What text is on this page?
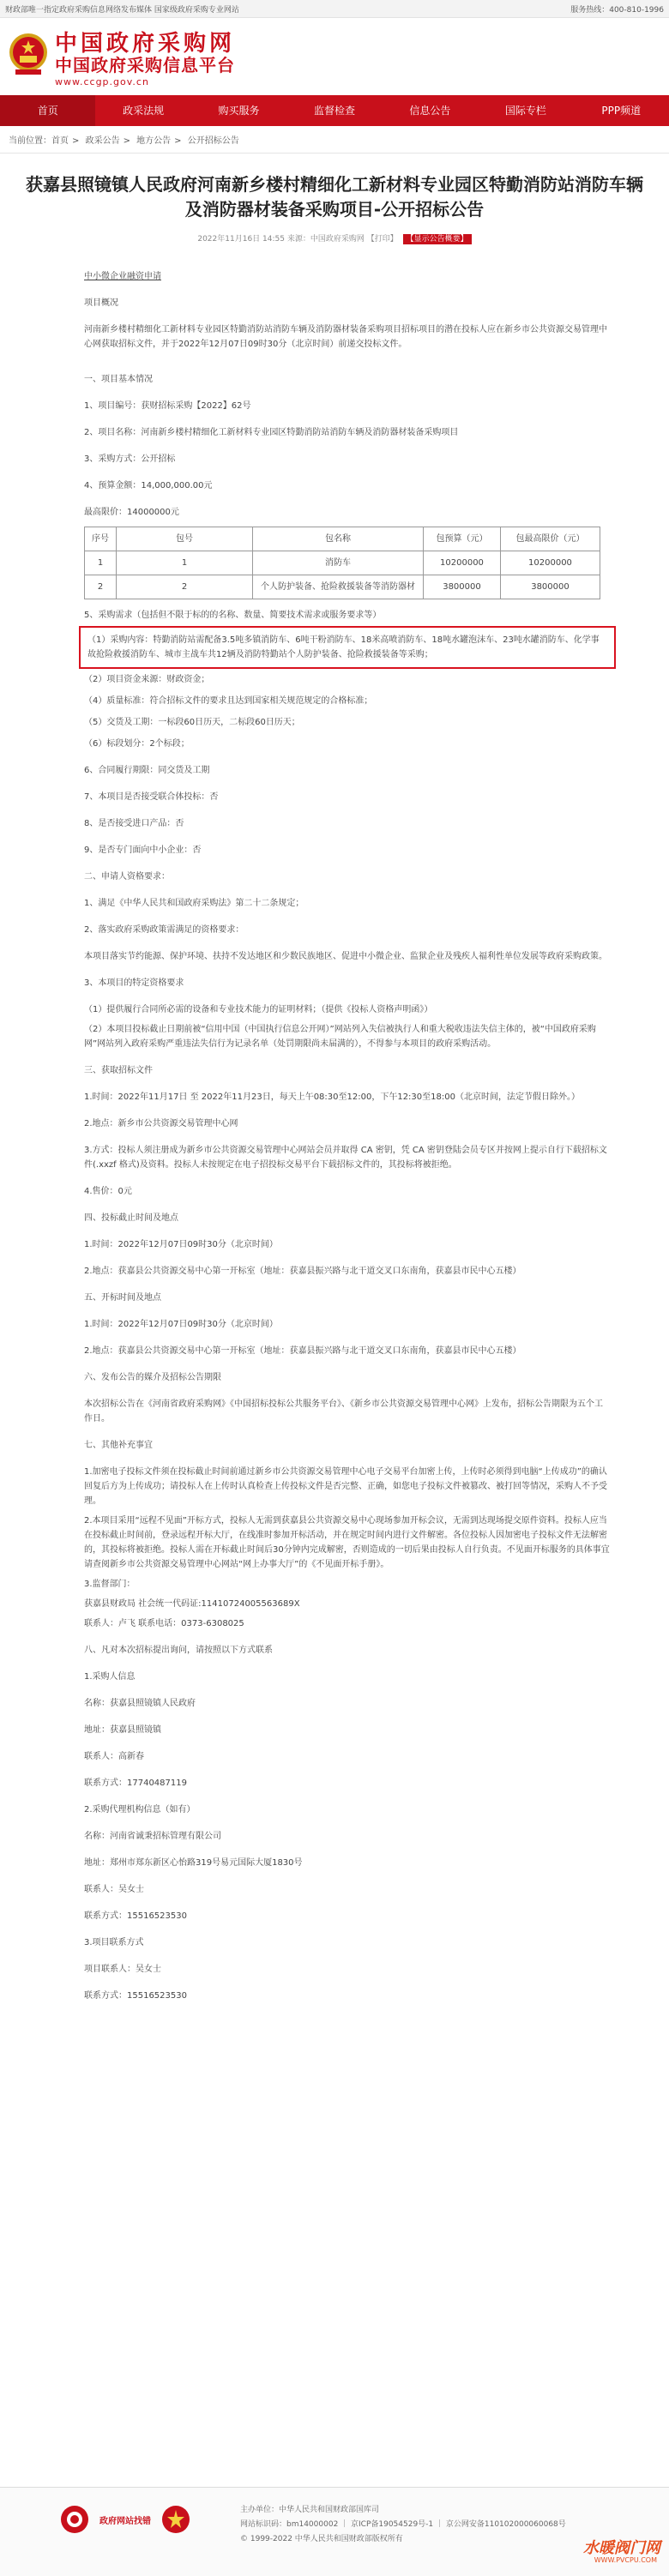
财政部唯一指定政府采购信息网络发布媒体 国家级政府采购专业网站	服务热线：400-810-1996
中国政府采购网
中国政府采购信息平台
www.ccgp.gov.cn
首页	政采法规	购买服务	监督检查	信息公告	国际专栏	PPP频道
当前位置：首页 > 政采公告 > 地方公告 > 公开招标公告
获嘉县照镜镇人民政府河南新乡楼村精细化工新材料专业园区特勤消防站消防车辆及消防器材装备采购项目-公开招标公告
2022年11月16日 14:55 来源：中国政府采购网 【打印】 【显示公告概要】

中小微企业融资申请

项目概况

河南新乡楼村精细化工新材料专业园区特勤消防站消防车辆及消防器材装备采购项目招标项目的潜在投标人应在新乡市公共资源交易管理中心网获取招标文件，并于2022年12月07日09时30分（北京时间）前递交投标文件。

一、项目基本情况

1、项目编号：获财招标采购【2022】62号

2、项目名称：河南新乡楼村精细化工新材料专业园区特勤消防站消防车辆及消防器材装备采购项目

3、采购方式：公开招标

4、预算金额：14,000,000.00元

最高限价：14000000元

序号	包号	包名称	包预算（元）	包最高限价（元）
1	1	消防车	10200000	10200000
2	2	个人防护装备、抢险救援装备等消防器材	3800000	3800000

5、采购需求（包括但不限于标的的名称、数量、简要技术需求或服务要求等）

（1）采购内容：特勤消防站需配备3.5吨多镇消防车、6吨干粉消防车、18米高喷消防车、18吨水罐泡沫车、23吨水罐消防车、化学事故抢险救援消防车、城市主战车共12辆及消防特勤站个人防护装备、抢险救援装备等采购；

（2）项目资金来源：财政资金；

（4）质量标准：符合招标文件的要求且达到国家相关规范规定的合格标准；

（5）交货及工期：一标段60日历天，二标段60日历天；

（6）标段划分：2个标段；

6、合同履行期限：同交货及工期

7、本项目是否接受联合体投标：否

8、是否接受进口产品：否

9、是否专门面向中小企业：否

二、申请人资格要求：

1、满足《中华人民共和国政府采购法》第二十二条规定；

2、落实政府采购政策需满足的资格要求：

本项目落实节约能源、保护环境、扶持不发达地区和少数民族地区、促进中小微企业、监狱企业及残疾人福利性单位发展等政府采购政策。

3、本项目的特定资格要求

（1）提供履行合同所必需的设备和专业技术能力的证明材料；（提供《投标人资格声明函》）

（2）本项目投标截止日期前被“信用中国（中国执行信息公开网）”网站列入失信被执行人和重大税收违法失信主体的，被“中国政府采购网”网站列入政府采购严重违法失信行为记录名单（处罚期限尚未届满的），不得参与本项目的政府采购活动。

三、获取招标文件

1.时间：2022年11月17日 至 2022年11月23日，每天上午08:30至12:00，下午12:30至18:00（北京时间，法定节假日除外。）

2.地点：新乡市公共资源交易管理中心网

3.方式：投标人须注册成为新乡市公共资源交易管理中心网站会员并取得 CA 密钥，凭 CA 密钥登陆会员专区并按网上提示自行下载招标文件(.xxzf 格式)及资料。投标人未按规定在电子招投标交易平台下载招标文件的，其投标将被拒绝。

4.售价：0元

四、投标截止时间及地点

1.时间：2022年12月07日09时30分（北京时间）

2.地点：获嘉县公共资源交易中心第一开标室（地址：获嘉县振兴路与北干道交叉口东南角，获嘉县市民中心五楼）

五、开标时间及地点

1.时间：2022年12月07日09时30分（北京时间）

2.地点：获嘉县公共资源交易中心第一开标室（地址：获嘉县振兴路与北干道交叉口东南角，获嘉县市民中心五楼）

六、发布公告的媒介及招标公告期限

本次招标公告在《河南省政府采购网》《中国招标投标公共服务平台》、《新乡市公共资源交易管理中心网》上发布，招标公告期限为五个工作日。

七、其他补充事宜

1.加密电子投标文件须在投标截止时间前通过新乡市公共资源交易管理中心电子交易平台加密上传，上传时必须得到电脑“上传成功”的确认回复后方为上传成功；请投标人在上传时认真检查上传投标文件是否完整、正确，如您电子投标文件被篡改、被打回等情况，采购人不予受理。

2.本项目采用“远程不见面”开标方式，投标人无需到获嘉县公共资源交易中心现场参加开标会议，无需到达现场提交原件资料。投标人应当在投标截止时间前，登录远程开标大厅，在线准时参加开标活动，并在规定时间内进行文件解密。各位投标人因加密电子投标文件无法解密的，其投标将被拒绝。投标人需在开标截止时间后30分钟内完成解密，否则造成的一切后果由投标人自行负责。不见面开标服务的具体事宜请查阅新乡市公共资源交易管理中心网站“网上办事大厅”的《不见面开标手册》。

3.监督部门：

获嘉县财政局 社会统一代码证:11410724005563689X

联系人：卢飞 联系电话：0373-6308025

八、凡对本次招标提出询问，请按照以下方式联系

1.采购人信息

名称：获嘉县照镜镇人民政府

地址：获嘉县照镜镇

联系人：高新春

联系方式：17740487119

2.采购代理机构信息（如有）

名称：河南省诚秉招标管理有限公司

地址：郑州市郑东新区心怡路319号易元国际大厦1830号

联系人：吴女士

联系方式：15516523530

3.项目联系方式

项目联系人：吴女士

联系方式：15516523530

政府网站找错
主办单位：中华人民共和国财政部国库司
网站标识码：bm14000002 ｜ 京ICP备19054529号-1 ｜ 京公网安备110102000060068号
© 1999-2022 中华人民共和国财政部版权所有	水暖阀门网
WWW.PVCPU.COM
